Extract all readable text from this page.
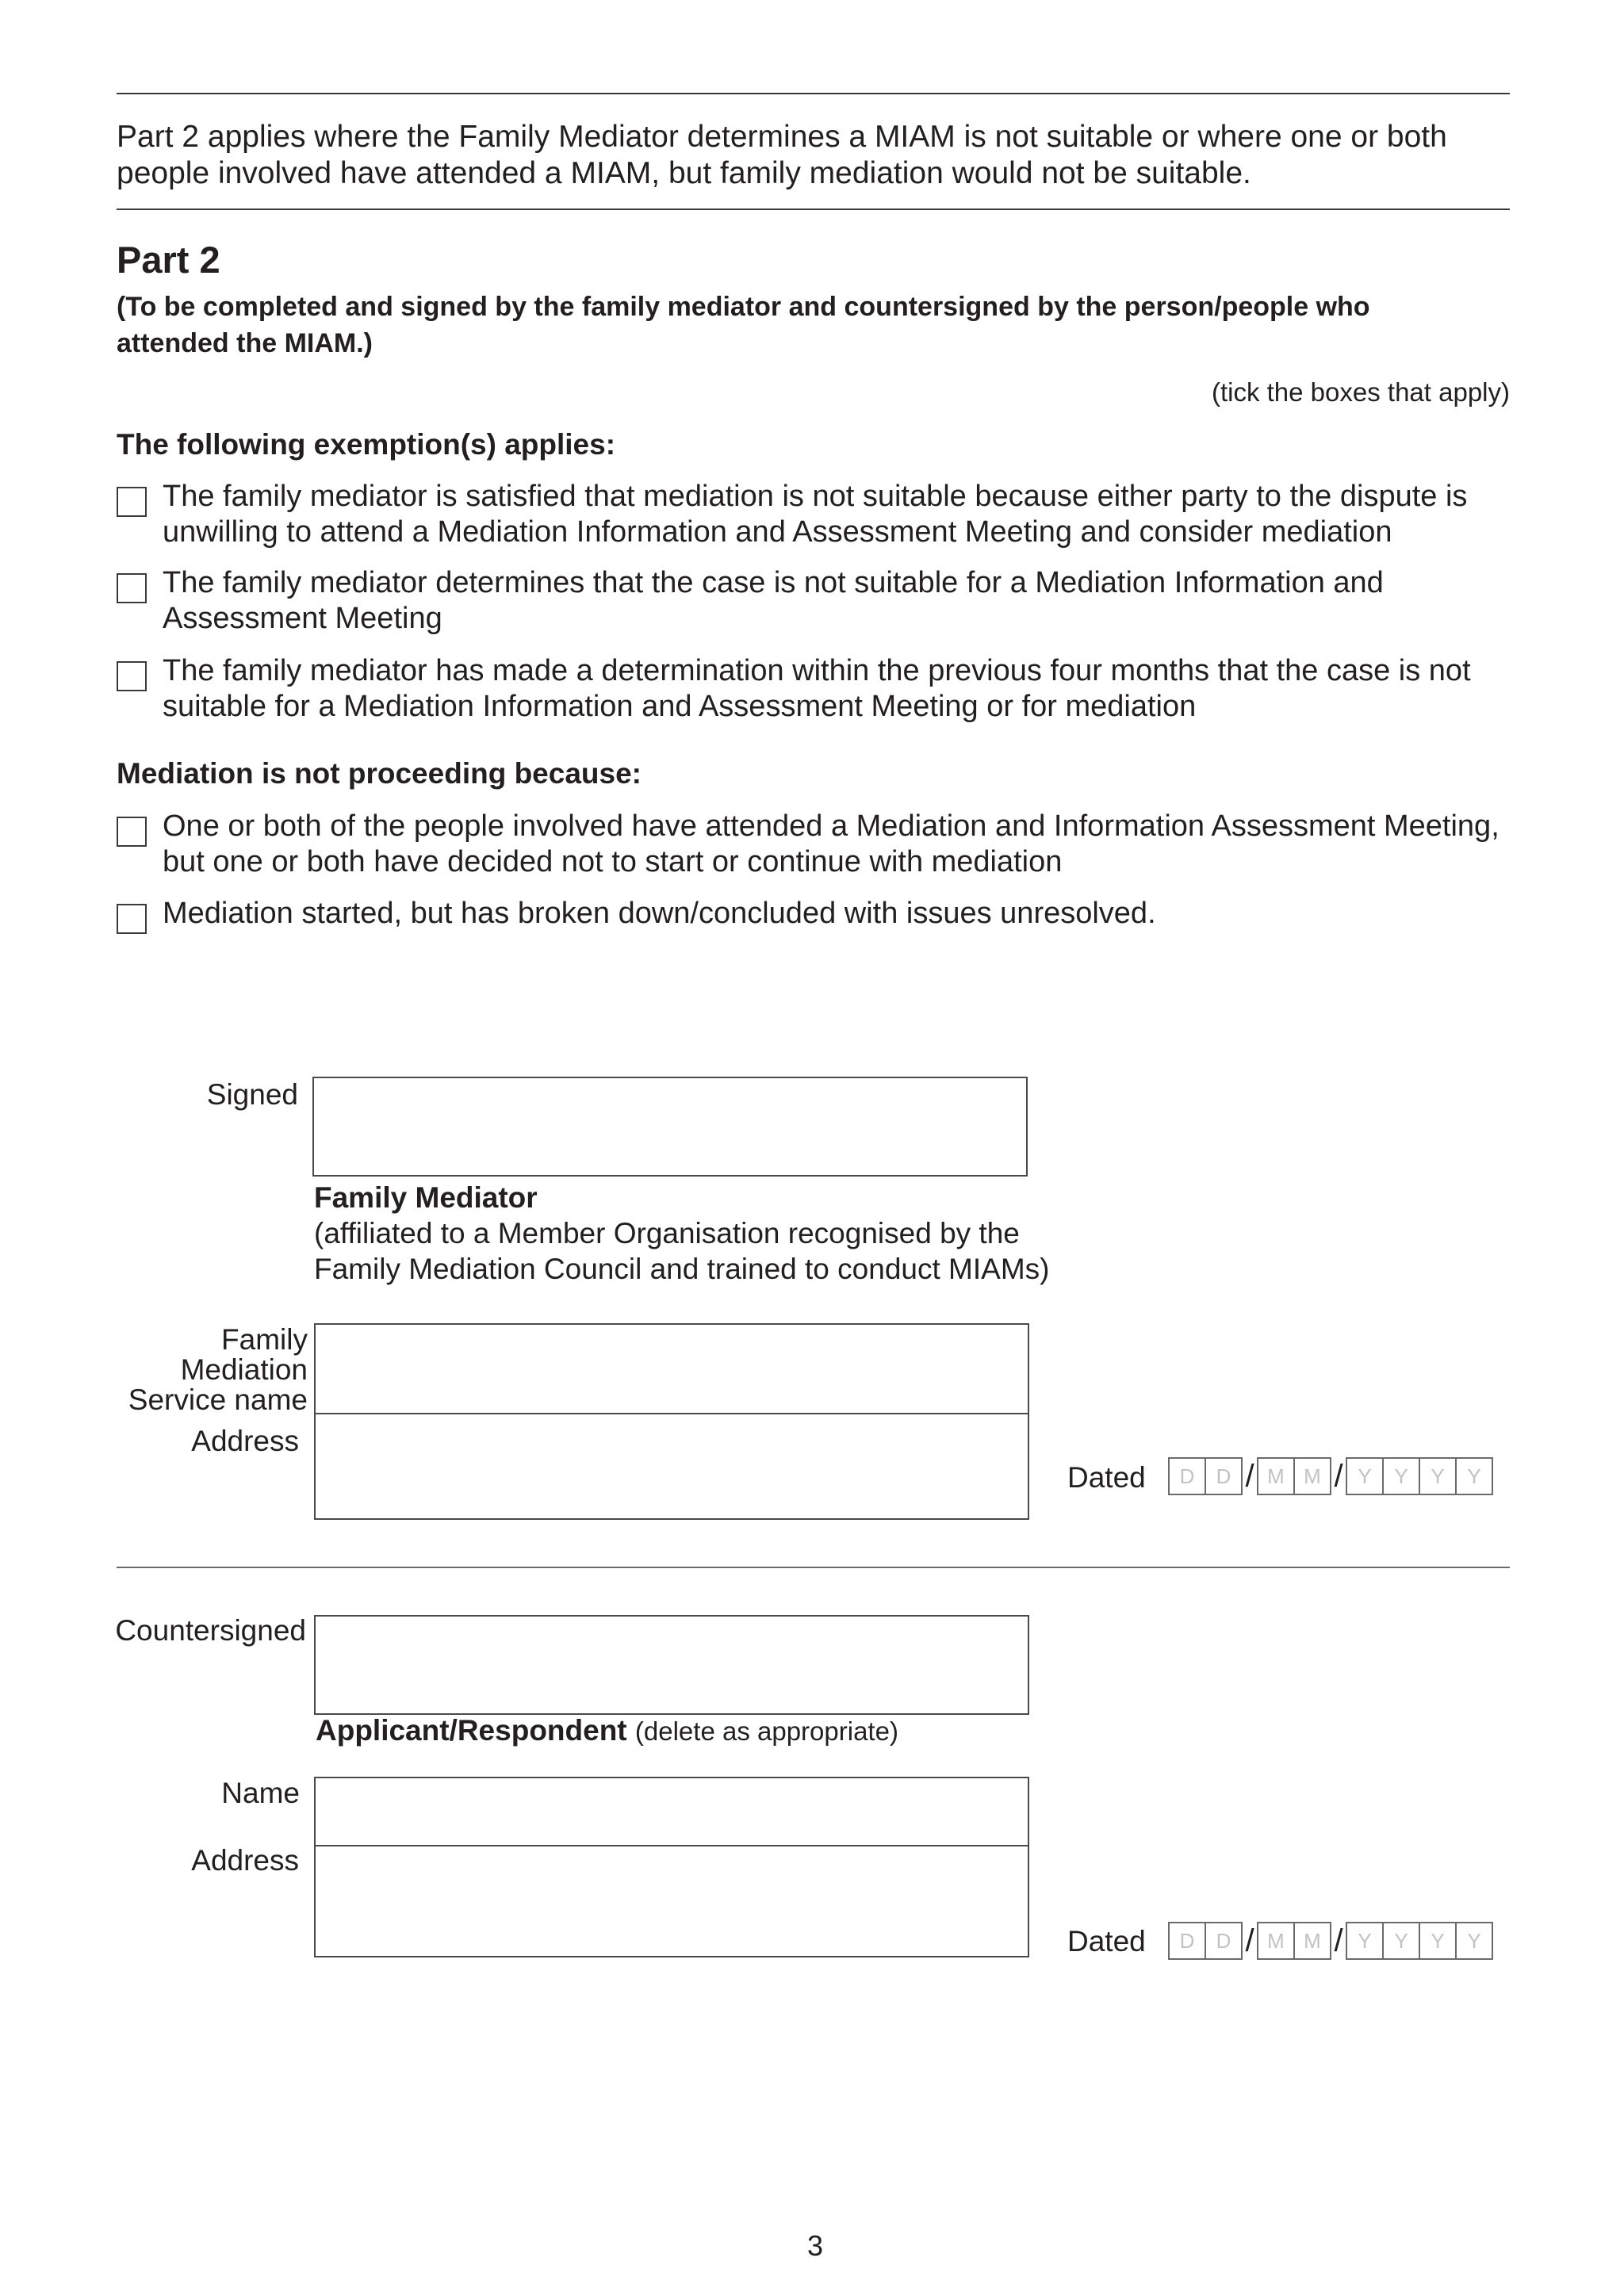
Part 2 applies where the Family Mediator determines a MIAM is not suitable or where one or both people involved have attended a MIAM, but family mediation would not be suitable.
Part 2
(To be completed and signed by the family mediator and countersigned by the person/people who attended the MIAM.)
(tick the boxes that apply)
The following exemption(s) applies:
The family mediator is satisfied that mediation is not suitable because either party to the dispute is unwilling to attend a Mediation Information and Assessment Meeting and consider mediation
The family mediator determines that the case is not suitable for a Mediation Information and Assessment Meeting
The family mediator has made a determination within the previous four months that the case is not suitable for a Mediation Information and Assessment Meeting or for mediation
Mediation is not proceeding because:
One or both of the people involved have attended a Mediation and Information Assessment Meeting, but one or both have decided not to start or continue with mediation
Mediation started, but has broken down/concluded with issues unresolved.
Signed
Family Mediator
(affiliated to a Member Organisation recognised by the
Family Mediation Council and trained to conduct MIAMs)
Family
Mediation
Service name
Address
Dated	D	D / M M / Y	Y	Y	Y
Countersigned
Applicant/Respondent (delete as appropriate)
Name
Address
Dated	D	D / M M / Y	Y	Y	Y
3
